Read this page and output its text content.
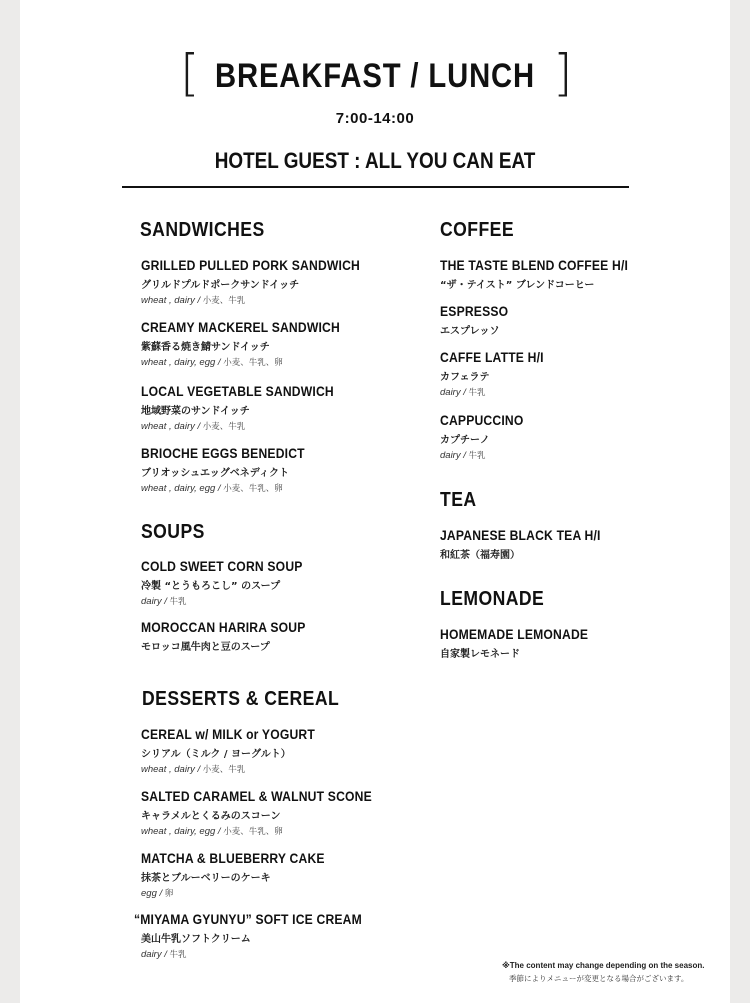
[	]
BREAKFAST / LUNCH
7:00-14:00
HOTEL GUEST : ALL YOU CAN EAT
SANDWICHES
GRILLED PULLED PORK SANDWICH
グリルドプルドポークサンドイッチ
wheat , dairy / 小麦、牛乳
CREAMY MACKEREL SANDWICH
紫蘇香る焼き鯖サンドイッチ
wheat , dairy, egg / 小麦、牛乳、卵
LOCAL VEGETABLE SANDWICH
地域野菜のサンドイッチ
wheat , dairy / 小麦、牛乳
BRIOCHE EGGS BENEDICT
ブリオッシュエッグベネディクト
wheat , dairy, egg / 小麦、牛乳、卵
SOUPS
COLD SWEET CORN SOUP
冷製 “とうもろこし” のスープ
dairy / 牛乳
MOROCCAN HARIRA SOUP
モロッコ風牛肉と豆のスープ
DESSERTS & CEREAL
CEREAL w/ MILK or YOGURT
シリアル（ミルク / ヨーグルト）
wheat , dairy / 小麦、牛乳
SALTED CARAMEL & WALNUT SCONE
キャラメルとくるみのスコーン
wheat , dairy, egg / 小麦、牛乳、卵
MATCHA & BLUEBERRY CAKE
抹茶とブルーベリーのケーキ
egg / 卵
“MIYAMA GYUNYU” SOFT ICE CREAM
美山牛乳ソフトクリーム
dairy / 牛乳
COFFEE
THE TASTE BLEND COFFEE H/I
“ザ・テイスト” ブレンドコーヒー
ESPRESSO
エスプレッソ
CAFFE LATTE H/I
カフェラテ
dairy / 牛乳
CAPPUCCINO
カプチーノ
dairy / 牛乳
TEA
JAPANESE BLACK TEA H/I
和紅茶（福寿園）
LEMONADE
HOMEMADE LEMONADE
自家製レモネード
※The content may change depending on the season.
季節によりメニューが変更となる場合がございます。
